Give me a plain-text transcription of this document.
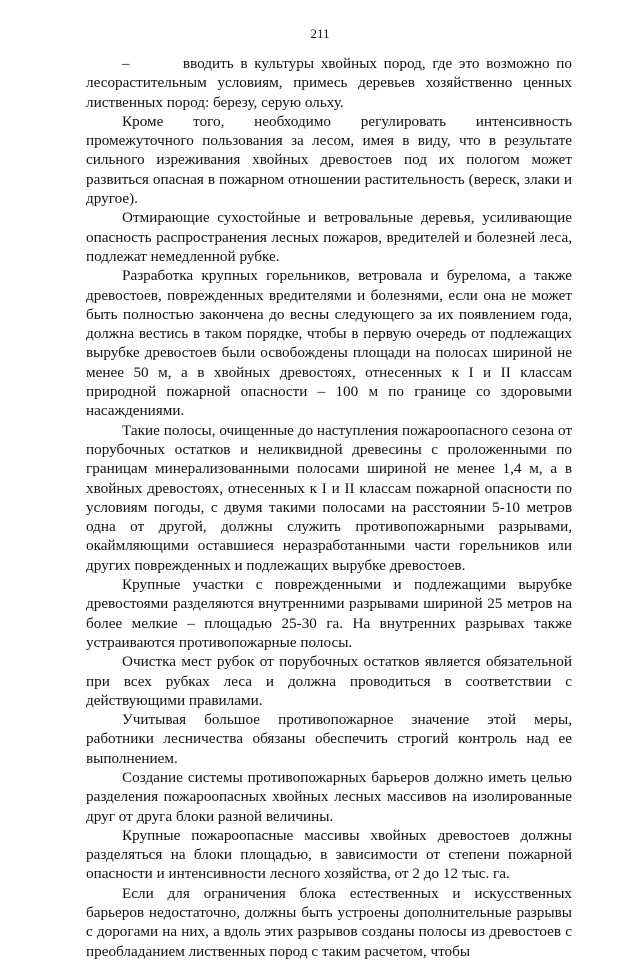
211

–        вводить в культуры хвойных пород, где это возможно по лесорастительным условиям, примесь деревьев хозяйственно ценных лиственных пород: березу, серую ольху.

Кроме того, необходимо регулировать интенсивность промежуточного пользования за лесом, имея в виду, что в результате сильного изреживания хвойных древостоев под их пологом может развиться опасная в пожарном отношении растительность (вереск, злаки и другое).

Отмирающие сухостойные и ветровальные деревья, усиливающие опасность распространения лесных пожаров, вредителей и болезней леса, подлежат немедленной рубке.

Разработка крупных горельников, ветровала и бурелома, а также древостоев, поврежденных вредителями и болезнями, если она не может быть полностью закончена до весны следующего за их появлением года, должна вестись в таком порядке, чтобы в первую очередь от подлежащих вырубке древостоев были освобождены площади на полосах шириной не менее 50 м, а в хвойных древостоях, отнесенных к I и II классам природной пожарной опасности – 100 м по границе со здоровыми насаждениями.

Такие полосы, очищенные до наступления пожароопасного сезона от порубочных остатков и неликвидной древесины с проложенными по границам минерализованными полосами шириной не менее 1,4 м, а в хвойных древостоях, отнесенных к I и II классам пожарной опасности по условиям погоды, с двумя такими полосами на расстоянии 5-10 метров одна от другой, должны служить противопожарными разрывами, окаймляющими оставшиеся неразработанными части горельников или других поврежденных и подлежащих вырубке древостоев.

Крупные участки с поврежденными и подлежащими вырубке древостоями разделяются внутренними разрывами шириной 25 метров на более мелкие – площадью 25-30 га. На внутренних разрывах также устраиваются противопожарные полосы.

Очистка мест рубок от порубочных остатков является обязательной при всех рубках леса и должна проводиться в соответствии с действующими правилами.

Учитывая большое противопожарное значение этой меры, работники лесничества обязаны обеспечить строгий контроль над ее выполнением.

Создание системы противопожарных барьеров должно иметь целью разделения пожароопасных хвойных лесных массивов на изолированные друг от друга блоки разной величины.

Крупные пожароопасные массивы хвойных древостоев должны разделяться на блоки площадью, в зависимости от степени пожарной опасности и интенсивности лесного хозяйства, от 2 до 12 тыс. га.

Если для ограничения блока естественных и искусственных барьеров недостаточно, должны быть устроены дополнительные разрывы с дорогами на них, а вдоль этих разрывов созданы полосы из древостоев с преобладанием лиственных пород с таким расчетом, чтобы
